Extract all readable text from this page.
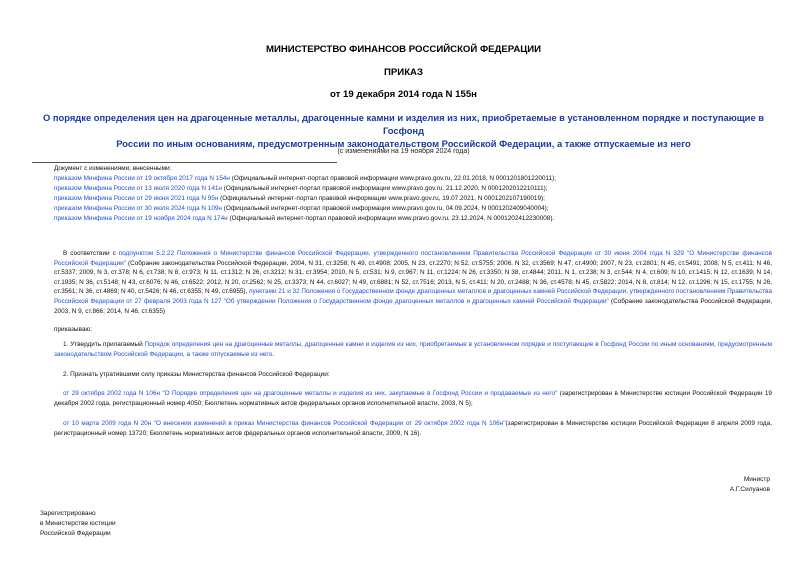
МИНИСТЕРСТВО ФИНАНСОВ РОССИЙСКОЙ ФЕДЕРАЦИИ
ПРИКАЗ
от 19 декабря 2014 года N 155н
О порядке определения цен на драгоценные металлы, драгоценные камни и изделия из них, приобретаемые в установленном порядке и поступающие в Госфонд
России по иным основаниям, предусмотренным законодательством Российской Федерации, а также отпускаемые из него
(с изменениями на 19 ноября 2024 года)
Документ с изменениями, внесенными:
приказом Минфина России от 19 октября 2017 года N 154н (Официальный интернет-портал правовой информации www.pravo.gov.ru, 22.01.2018, N 0001201801220011);
приказом Минфина России от 13 июля 2020 года N 141н (Официальный интернет-портал правовой информации www.pravo.gov.ru, 21.12.2020, N 0001202012210111);
приказом Минфина России от 29 июня 2021 года N 95н (Официальный интернет-портал правовой информации www.pravo.gov.ru, 19.07.2021, N 0001202107190019);
приказом Минфина России от 30 июля 2024 года N 109н (Официальный интернет-портал правовой информации www.pravo.gov.ru, 04.09.2024, N 0001202409040004);
приказом Минфина России от 19 ноября 2024 года N 174н (Официальный интернет-портал правовой информации www.pravo.gov.ru, 23.12.2024, N 0001202412230008).
В соответствии с подпунктом 5.2.22 Положения о Министерстве финансов Российской Федерации, утвержденного постановлением Правительства Российской Федерации от 30 июня 2004 года N 329 "О Министерстве финансов Российской Федерации" (Собрание законодательства Российской Федерации, 2004, N 31, ст.3258; N 49, ст.4908; 2005, N 23, ст.2270; N 52, ст.5755; 2006, N 32, ст.3569; N 47, ст.4900; 2007, N 23, ст.2801; N 45, ст.5491; 2008, N 5, ст.411; N 46, ст.5337; 2009, N 3, ст.378; N 6, ст.738; N 8, ст.973; N 11, ст.1312; N 26, ст.3212; N 31, ст.3954; 2010, N 5, ст.531; N 9, ст.967; N 11, ст.1224; N 26, ст.3350; N 38, ст.4844; 2011, N 1, ст.238; N 3, ст.544; N 4, ст.609; N 10, ст.1415; N 12, ст.1639; N 14, ст.1935; N 36, ст.5148; N 43, ст.6076; N 46, ст.6522; 2012, N 20, ст.2562; N 25, ст.3373; N 44, ст.6027; N 49, ст.6881; N 52, ст.7516; 2013, N 5, ст.411; N 20, ст.2488; N 36, ст.4578; N 45, ст.5822; 2014, N 8, ст.814; N 12, ст.1296; N 15, ст.1755; N 26, ст.3561; N 36, ст.4869; N 40, ст.5426; N 46, ст.6355; N 49, ст.6955), пунктами 21 и 32 Положения о Государственном фонде драгоценных металлов и драгоценных камней Российской Федерации, утвержденного постановлением Правительства Российской Федерации от 27 февраля 2003 года N 127 "Об утверждении Положения о Государственном фонде драгоценных металлов и драгоценных камней Российской Федерации" (Собрание законодательства Российской Федерации, 2003, N 9, ст.866; 2014, N 46, ст.6355)
приказываю:
1. Утвердить прилагаемый Порядок определения цен на драгоценные металлы, драгоценные камни и изделия из них, приобретаемые в установленном порядке и поступающие в Госфонд России по иным основаниям, предусмотренным законодательством Российской Федерации, а также отпускаемые из него.
2. Признать утратившими силу приказы Министерства финансов Российской Федерации:
от 29 октября 2002 года N 106н "О Порядке определения цен на драгоценные металлы и изделия из них, закупаемые в Госфонд России и продаваемые из него" (зарегистрирован в Министерстве юстиции Российской Федерации 19 декабря 2002 года, регистрационный номер 4050; Бюллетень нормативных актов федеральных органов исполнительной власти, 2003, N 5);
от 10 марта 2009 года N 20н "О внесении изменений в приказ Министерства финансов Российской Федерации от 29 октября 2002 года N 106н"(зарегистрирован в Министерстве юстиции Российской Федерации 8 апреля 2009 года, регистрационный номер 13720; Бюллетень нормативных актов федеральных органов исполнительной власти, 2009, N 16).
Министр
А.Г.Силуанов
Зарегистрировано
в Министерстве юстиции
Российской Федерации
